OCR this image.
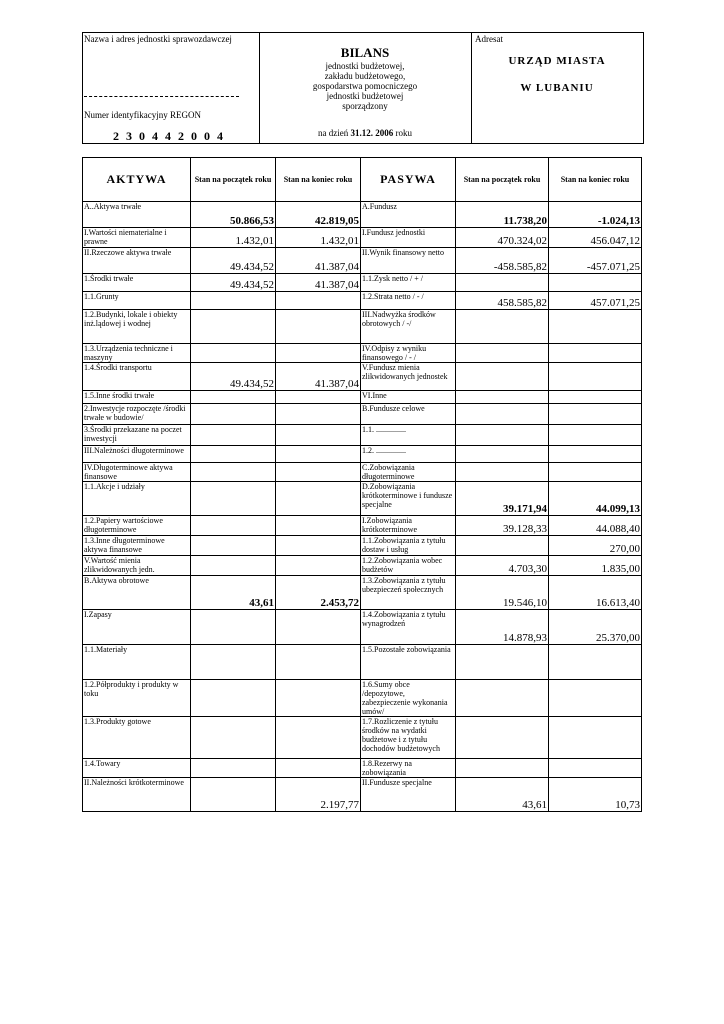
Nazwa i adres jednostki sprawozdawczej
Numer identyfikacyjny REGON
2 3 0 4 4 2 0 0 4
BILANS
jednostki budżetowej,
zakładu budżetowego,
gospodarstwa pomocniczego
jednostki budżetowej
sporządzony
na dzień 31.12. 2006 roku
Adresat
URZĄD MIASTA
W LUBANIU
AKTYWA	Stan na początek roku	Stan na koniec roku	PASYWA	Stan na początek roku	Stan na koniec roku
A..Aktywa trwałe	50.866,53	42.819,05	A.Fundusz	11.738,20	-1.024,13
I.Wartości niematerialne i prawne	1.432,01	1.432,01	I.Fundusz jednostki	470.324,02	456.047,12
II.Rzeczowe aktywa trwałe	49.434,52	41.387,04	II.Wynik finansowy netto	-458.585,82	-457.071,25
1.Środki trwałe	49.434,52	41.387,04	1.1.Zysk netto / + /		
1.1.Grunty			1.2.Strata netto / - /	458.585,82	457.071,25
1.2.Budynki, lokale i obiekty inż.lądowej i wodnej			III.Nadwyżka środków obrotowych / -/		
1.3.Urządzenia techniczne i maszyny			IV.Odpisy z wyniku finansowego / - /		
1.4.Środki transportu	49.434,52	41.387,04	V.Fundusz mienia zlikwidowanych jednostek		
1.5.Inne środki trwałe			VI.Inne		
2.Inwestycje rozpoczęte /środki trwałe w budowie/			B.Fundusze celowe		
3.Środki przekazane na poczet inwestycji			1.1. ...............		
III.Należności długoterminowe			1.2. ...............		
IV.Długoterminowe aktywa finansowe			C.Zobowiązania długoterminowe		
1.1.Akcje i udziały			D.Zobowiązania krótkoterminowe i fundusze specjalne	39.171,94	44.099,13
1.2.Papiery wartościowe długoterminowe			I.Zobowiązania krótkoterminowe	39.128,33	44.088,40
1.3.Inne długoterminowe aktywa finansowe			1.1.Zobowiązania z tytułu dostaw i usług		270,00
V.Wartość mienia zlikwidowanych jedn.			1.2.Zobowiązania wobec budżetów	4.703,30	1.835,00
B.Aktywa obrotowe	43,61	2.453,72	1.3.Zobowiązania z tytułu ubezpieczeń społecznych	19.546,10	16.613,40
I.Zapasy			1.4.Zobowiązania z tytułu wynagrodzeń	14.878,93	25.370,00
1.1.Materiały			1.5.Pozostałe zobowiązania		
1.2.Półprodukty i produkty w toku			1.6.Sumy obce /depozytowe, zabezpieczenie wykonania umów/		
1.3.Produkty gotowe			1.7.Rozliczenie z tytułu środków na wydatki budżetowe i z tytułu dochodów budżetowych		
1.4.Towary			1.8.Rezerwy na zobowiązania		
II.Należności krótkoterminowe		2.197,77	II.Fundusze specjalne	43,61	10,73
